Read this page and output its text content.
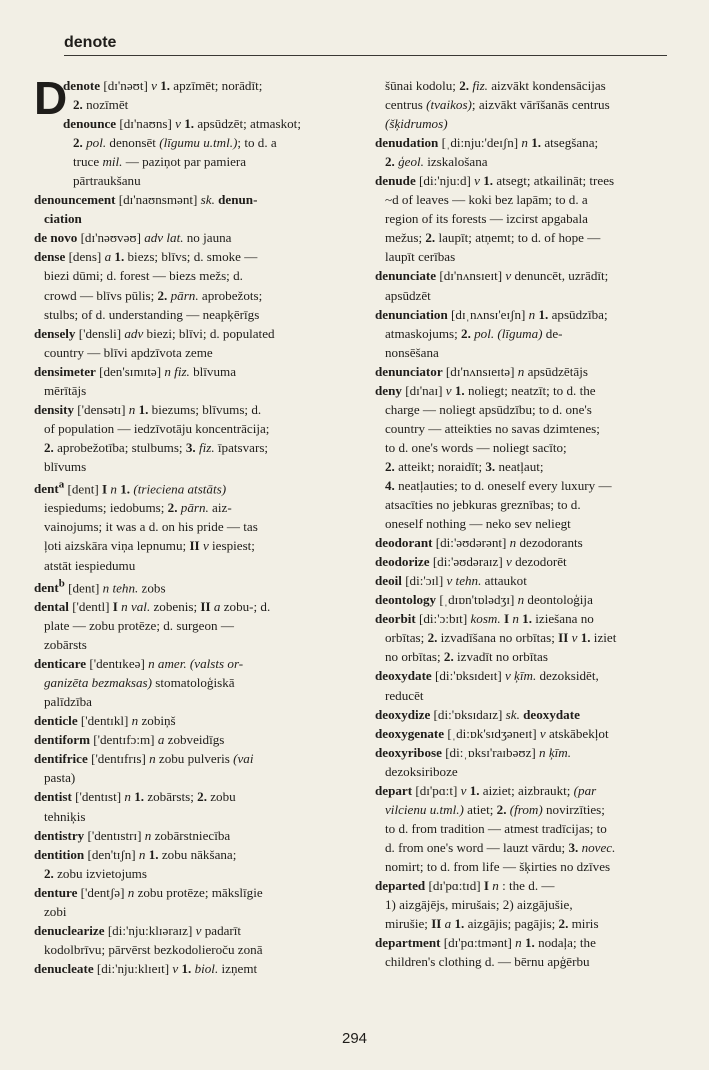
denote
D
denote [dɪ'nəʊt] v 1. apzīmēt; norādīt;
2. nozīmēt
denounce [dɪ'naʊns] v 1. apsūdzēt; atmaskot;
2. pol. denonsēt (līgumu u.tml.); to d. a
truce mil. — paziņot par pamiera
pārtraukšanu
denouncement [dɪ'naʊnsmənt] sk. denun-
ciation
de novo [dɪ'nəʊvəʊ] adv lat. no jauna
dense [dens] a 1. biezs; blīvs; d. smoke —
biezi dūmi; d. forest — biezs mežs; d.
crowd — blīvs pūlis; 2. pārn. aprobežots;
stulbs; of d. understanding — neapķērīgs
densely ['densli] adv biezi; blīvi; d. populated
country — blīvi apdzīvota zeme
densimeter [den'sɪmɪtə] n fiz. blīvuma
mērītājs
density ['densətɪ] n 1. biezums; blīvums; d.
of population — iedzīvotāju koncentrācija;
2. aprobežotība; stulbums; 3. fiz. īpatsvars;
blīvums
dent$^a$ [dent] I n 1. (trieciena atstāts)
iespiedums; iedobums; 2. pārn. aiz-
vainojums; it was a d. on his pride — tas
ļoti aizskāra viņa lepnumu; II v iespiest;
atstāt iespiedumu
dent$^b$ [dent] n tehn. zobs
dental ['dentl] I n val. zobenis; II a zobu-; d.
plate — zobu protēze; d. surgeon —
zobārsts
denticare ['dentɪkeə] n amer. (valsts or-
ganizēta bezmaksas) stomatoloģiskā
palīdzība
denticle ['dentɪkl] n zobiņš
dentiform ['dentɪfɔ:m] a zobveidīgs
dentifrice ['dentɪfrɪs] n zobu pulveris (vai
pasta)
dentist ['dentɪst] n 1. zobārsts; 2. zobu
tehniķis
dentistry ['dentɪstrɪ] n zobārstniecība
dentition [den'tɪʃn] n 1. zobu nākšana;
2. zobu izvietojums
denture ['dentʃə] n zobu protēze; mākslīgie
zobi
denuclearize [di:'nju:klɪəraɪz] v padarīt
kodolbrīvu; pārvērst bezkodolieroču zonā
denucleate [di:'nju:klɪeɪt] v 1. biol. izņemt
šūnai kodolu; 2. fiz. aizvākt kondensācijas
centrus (tvaikos); aizvākt vārīšanās centrus
(šķidrumos)
denudation [ˌdi:nju:'deɪʃn] n 1. atsegšana;
2. ģeol. izskalošana
denude [di:'nju:d] v 1. atsegt; atkailināt; trees
~d of leaves — koki bez lapām; to d. a
region of its forests — izcirst apgabala
mežus; 2. laupīt; atņemt; to d. of hope —
laupīt cerības
denunciate [dɪ'nʌnsɪeɪt] v denuncēt, uzrādīt;
apsūdzēt
denunciation [dɪˌnʌnsɪ'eɪʃn] n 1. apsūdzība;
atmaskojums; 2. pol. (līguma) de-
nonsēšana
denunciator [dɪ'nʌnsɪeɪtə] n apsūdzētājs
deny [dɪ'naɪ] v 1. noliegt; neatzīt; to d. the
charge — noliegt apsūdzību; to d. one's
country — atteikties no savas dzimtenes;
to d. one's words — noliegt sacīto;
2. atteikt; noraidīt; 3. neatļaut;
4. neatļauties; to d. oneself every luxury —
atsacīties no jebkuras greznības; to d.
oneself nothing — neko sev neliegt
deodorant [di:'əʊdərənt] n dezodorants
deodorize [di:'əʊdəraɪz] v dezodorēt
deoil [di:'ɔɪl] v tehn. attaukot
deontology [ˌdɪɒn'tɒlədʒɪ] n deontoloģija
deorbit [di:'ɔ:bɪt] kosm. I n 1. iziešana no
orbītas; 2. izvadīšana no orbītas; II v 1. iziet
no orbītas; 2. izvadīt no orbītas
deoxydate [di:'ɒksɪdeɪt] v ķīm. dezoksidēt,
reducēt
deoxydize [di:'ɒksɪdaɪz] sk. deoxydate
deoxygenate [ˌdi:ɒk'sɪdʒəneɪt] v atskābekļot
deoxyribose [di:ˌɒksɪ'raɪbəʊz] n ķīm.
dezoksiriboze
depart [dɪ'pɑ:t] v 1. aiziet; aizbraukt; (par
vilcienu u.tml.) atiet; 2. (from) novirzīties;
to d. from tradition — atmest tradīcijas; to
d. from one's word — lauzt vārdu; 3. novec.
nomirt; to d. from life — šķirties no dzīves
departed [dɪ'pɑ:tɪd] I n : the d. —
1) aizgājējs, mirušais; 2) aizgājušie,
mirušie; II a 1. aizgājis; pagājis; 2. miris
department [dɪ'pɑ:tmənt] n 1. nodaļa; the
children's clothing d. — bērnu apģērbu
294
